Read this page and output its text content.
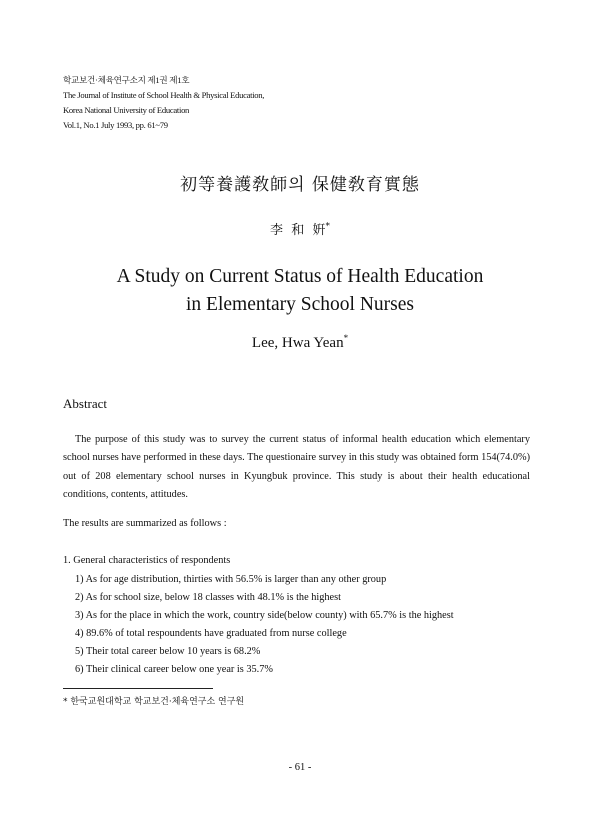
학교보건·체육연구소지 제1권 제1호
The Journal of Institute of School Health & Physical Education,
Korea National University of Education
Vol.1, No.1 July 1993, pp. 61~79
初等養護敎師의 保健敎育實態
李  和  姸*
A Study on Current Status of Health Education
in Elementary School Nurses
Lee, Hwa Yean*
Abstract
The purpose of this study was to survey the current status of informal health education which elementary school nurses have performed in these days. The questionaire survey in this study was obtained form 154(74.0%) out of 208 elementary school nurses in Kyungbuk province. This study is about their health educational conditions, contents, attitudes.
The results are summarized as follows :
1. General characteristics of respondents
1) As for age distribution, thirties with 56.5% is larger than any other group
2) As for school size, below 18 classes with 48.1% is the highest
3) As for the place in which the work, country side(below county) with 65.7% is the highest
4) 89.6% of total respoundents have graduated from nurse college
5) Their total career below 10 years is 68.2%
6) Their clinical career below one year is 35.7%
* 한국교원대학교 학교보건·체육연구소 연구원
- 61 -
